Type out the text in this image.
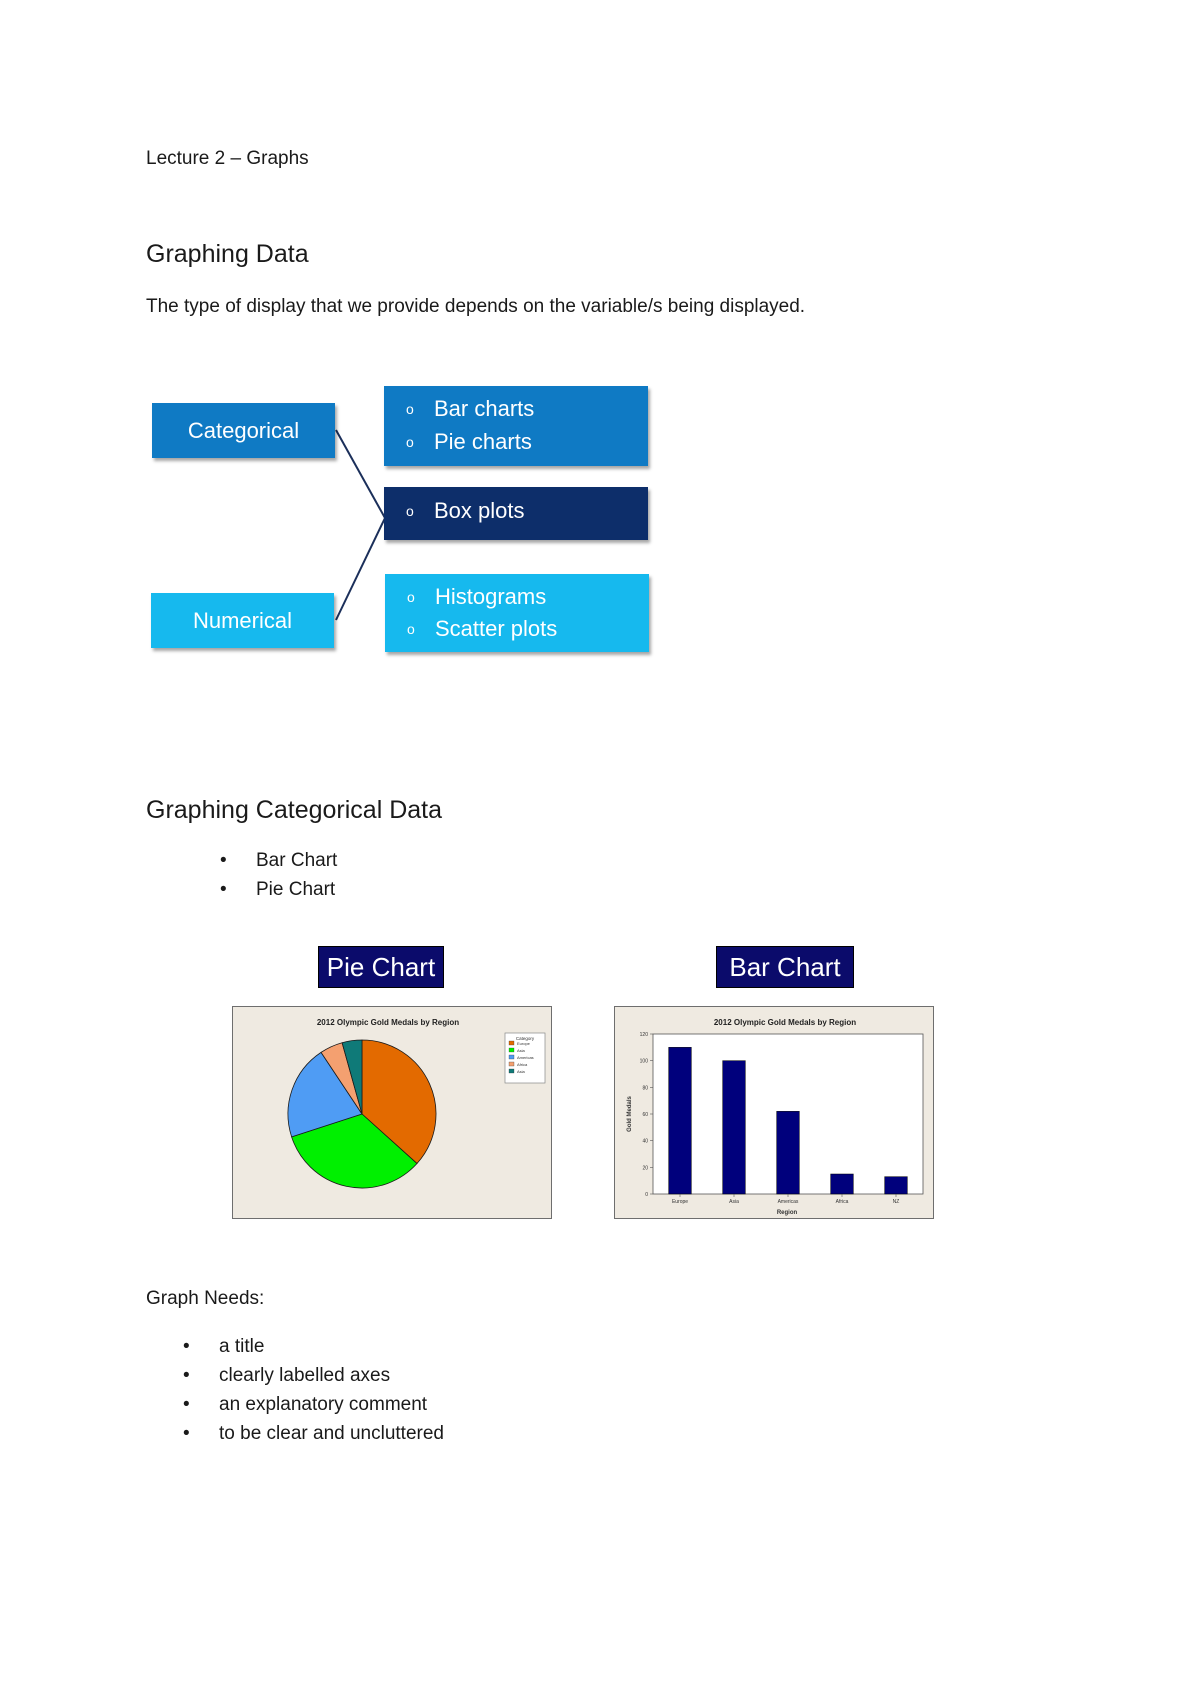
Lecture 2 – Graphs
Graphing Data
The type of display that we provide depends on the variable/s being displayed.
Categorical
Numerical
o Bar charts
o Pie charts
o Box plots
o Histograms
o Scatter plots
Graphing Categorical Data
• Bar Chart
• Pie Chart
Pie Chart	Bar Chart
2012 Olympic Gold Medals by Region
Category
Europe
Asia
Americas
Africa
Asia
2012 Olympic Gold Medals by Region
0
20
40
60
80
100
120
Europe	Asia	Americas	Africa	NZ
Region
Gold Medals
Graph Needs:
• a title
• clearly labelled axes
• an explanatory comment
• to be clear and uncluttered
